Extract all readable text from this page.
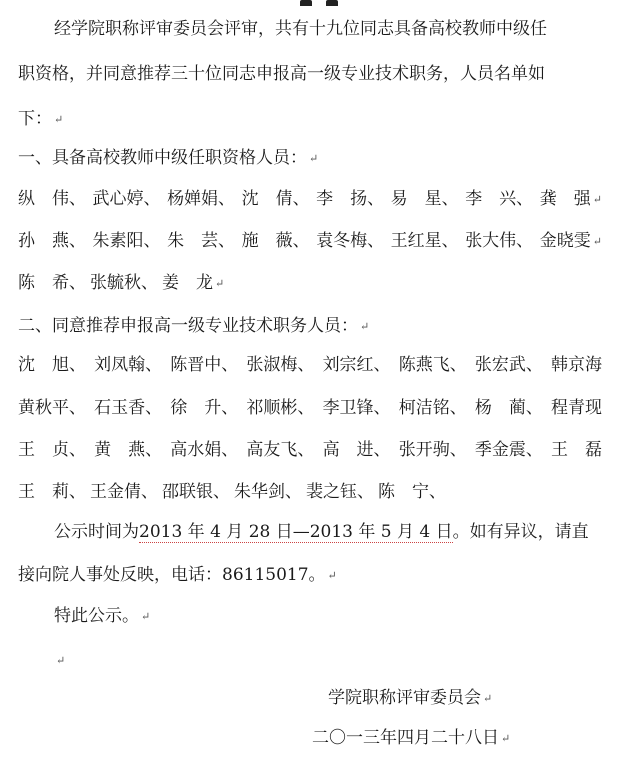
经学院职称评审委员会评审，共有十九位同志具备高校教师中级任
职资格，并同意推荐三十位同志申报高一级专业技术职务，人员名单如
下： ↵
一、具备高校教师中级任职资格人员： ↵
纵　伟、 武心婷、 杨婵娟、 沈　倩、 李　扬、 易　星、 李　兴、 龚　强 ↵
孙　燕、 朱素阳、 朱　芸、 施　薇、 袁冬梅、 王红星、 张大伟、 金晓雯 ↵
陈　希、 张毓秋、 姜　龙 ↵
二、同意推荐申报高一级专业技术职务人员： ↵
沈　旭、 刘凤翰、 陈晋中、 张淑梅、 刘宗红、 陈燕飞、 张宏武、 韩京海
黄秋平、 石玉香、 徐　升、 祁顺彬、 李卫锋、 柯洁铭、 杨　蔺、 程青现
王　贞、 黄　燕、 高水娟、 高友飞、 高　进、 张开驹、 季金震、 王　磊
王　莉、 王金倩、 邵联银、 朱华剑、 裴之钰、 陈　宁、
公示时间为2013 年 4 月 28 日—2013 年 5 月 4 日。如有异议，请直
接向院人事处反映，电话：86115017。 ↵
特此公示。 ↵
↵
学院职称评审委员会 ↵
二〇一三年四月二十八日 ↵
